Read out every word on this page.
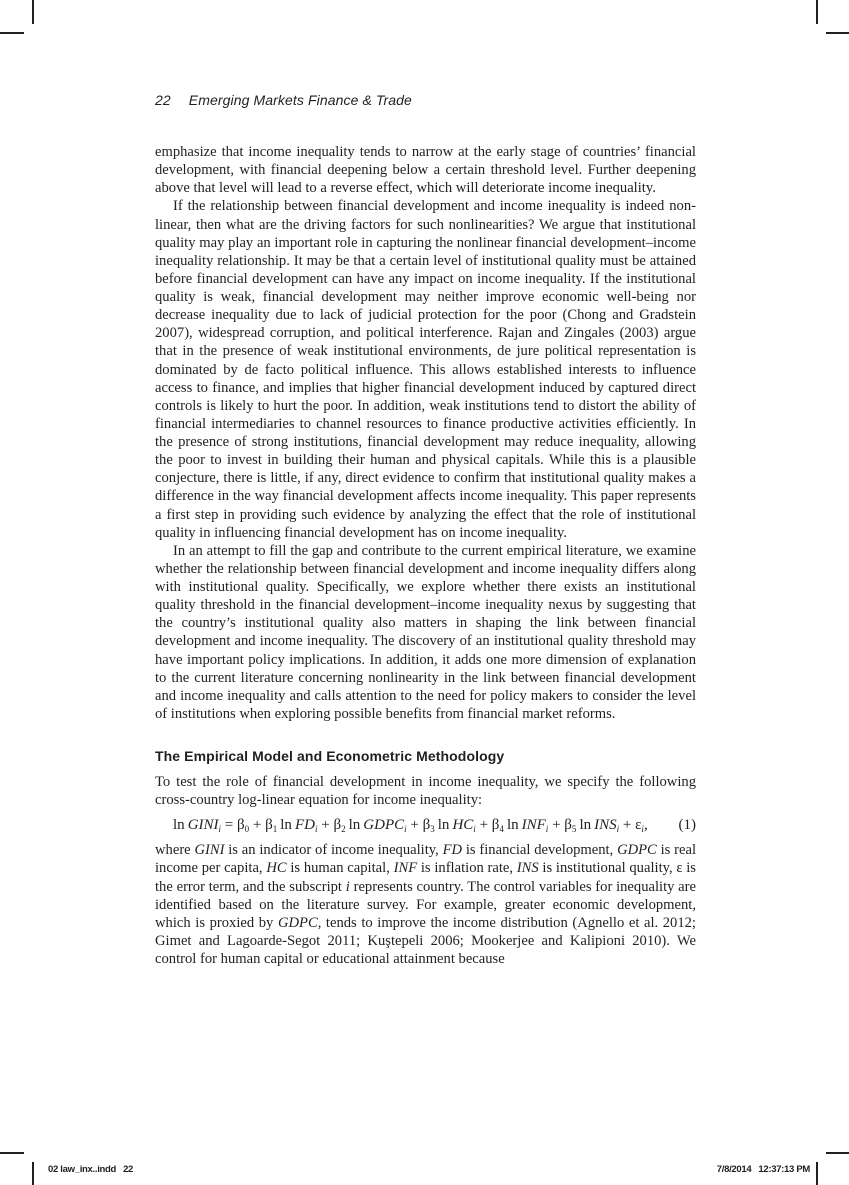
22 Emerging Markets Finance & Trade

emphasize that income inequality tends to narrow at the early stage of countries’ financial development, with financial deepening below a certain threshold level. Further deepening above that level will lead to a reverse effect, which will deteriorate income inequality.

If the relationship between financial development and income inequality is indeed nonlinear, then what are the driving factors for such nonlinearities? We argue that institutional quality may play an important role in capturing the nonlinear financial development–income inequality relationship. It may be that a certain level of institutional quality must be attained before financial development can have any impact on income inequality. If the institutional quality is weak, financial development may neither improve economic well-being nor decrease inequality due to lack of judicial protection for the poor (Chong and Gradstein 2007), widespread corruption, and political interference. Rajan and Zingales (2003) argue that in the presence of weak institutional environments, de jure political representation is dominated by de facto political influence. This allows established interests to influence access to finance, and implies that higher financial development induced by captured direct controls is likely to hurt the poor. In addition, weak institutions tend to distort the ability of financial intermediaries to channel resources to finance productive activities efficiently. In the presence of strong institutions, financial development may reduce inequality, allowing the poor to invest in building their human and physical capitals. While this is a plausible conjecture, there is little, if any, direct evidence to confirm that institutional quality makes a difference in the way financial development affects income inequality. This paper represents a first step in providing such evidence by analyzing the effect that the role of institutional quality in influencing financial development has on income inequality.

In an attempt to fill the gap and contribute to the current empirical literature, we examine whether the relationship between financial development and income inequality differs along with institutional quality. Specifically, we explore whether there exists an institutional quality threshold in the financial development–income inequality nexus by suggesting that the country’s institutional quality also matters in shaping the link between financial development and income inequality. The discovery of an institutional quality threshold may have important policy implications. In addition, it adds one more dimension of explanation to the current literature concerning nonlinearity in the link between financial development and income inequality and calls attention to the need for policy makers to consider the level of institutions when exploring possible benefits from financial market reforms.

The Empirical Model and Econometric Methodology

To test the role of financial development in income inequality, we specify the following cross-country log-linear equation for income inequality:

$\ln GINI_i = \beta_0 + \beta_1$  $\ln FD_i + \beta_2$  $\ln GDPC_i + \beta_3$  $\ln HC_i + \beta_4$  $\ln INF_i + \beta_5$  $\ln INS_i + \varepsilon_i$, (1)

where GINI is an indicator of income inequality, FD is financial development, GDPC is real income per capita, HC is human capital, INF is inflation rate, INS is institutional quality, ε is the error term, and the subscript i represents country. The control variables for inequality are identified based on the literature survey. For example, greater economic development, which is proxied by GDPC, tends to improve the income distribution (Agnello et al. 2012; Gimet and Lagoarde-Segot 2011; Kuştepeli 2006; Mookerjee and Kalipioni 2010). We control for human capital or educational attainment because

02 law_inx..indd   22	7/8/2014   12:37:13 PM
